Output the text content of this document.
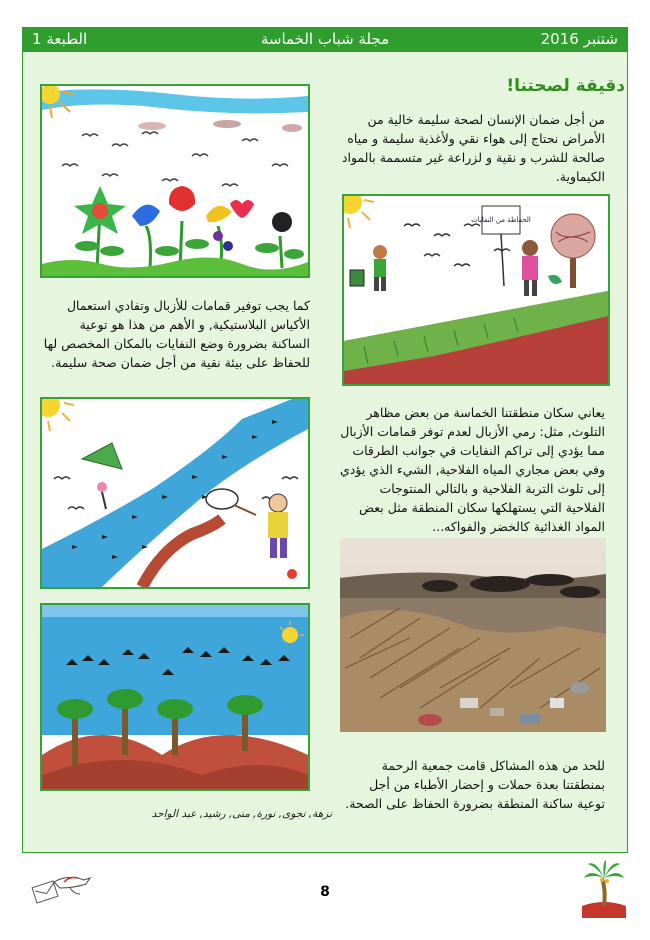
الطبعة 1	مجلة شباب الخماسة	شتنبر 2016
دقيقة لصحتنا!

من أجل ضمان الإنسان لصحة سليمة خالية من الأمراض نحتاج إلى هواء نقي ولأغذية سليمة و مياه صالحة للشرب و نقية و لزراعة غير متسممة بالمواد الكيماوية.

كما يجب توفير قمامات للأزبال وتفادي استعمال الأكياس البلاستيكية, و الأهم من هذا هو توعية الساكنة بضرورة وضع النفايات بالمكان المخصص لها للحفاظ على بيئة نقية من أجل ضمان صحة سليمة.

الحفاظة من النفايات

يعاني سكان منطقتنا الخماسة من بعض مظاهر التلوث, مثل: رمي الأزبال لعدم توفر قمامات الأزبال مما يؤدي إلى تراكم النفايات في جوانب الطرقات وفي بعض مجاري المياه الفلاحية, الشيء الذي يؤدي إلى تلوث التربة الفلاحية و بالتالي المنتوجات الفلاحية التي يستهلكها سكان المنطقة مثل بعض المواد الغذائية كالخضر والفواكه...

للحد من هذه المشاكل قامت جمعية الرحمة بمنطقتنا بعدة حملات و إحضار الأطباء من أجل توعية ساكنة المنطقة بضرورة الحفاظ على الصحة.

نزهة, نجوى, نورة, منى, رشيد, عبد الواحد
8
